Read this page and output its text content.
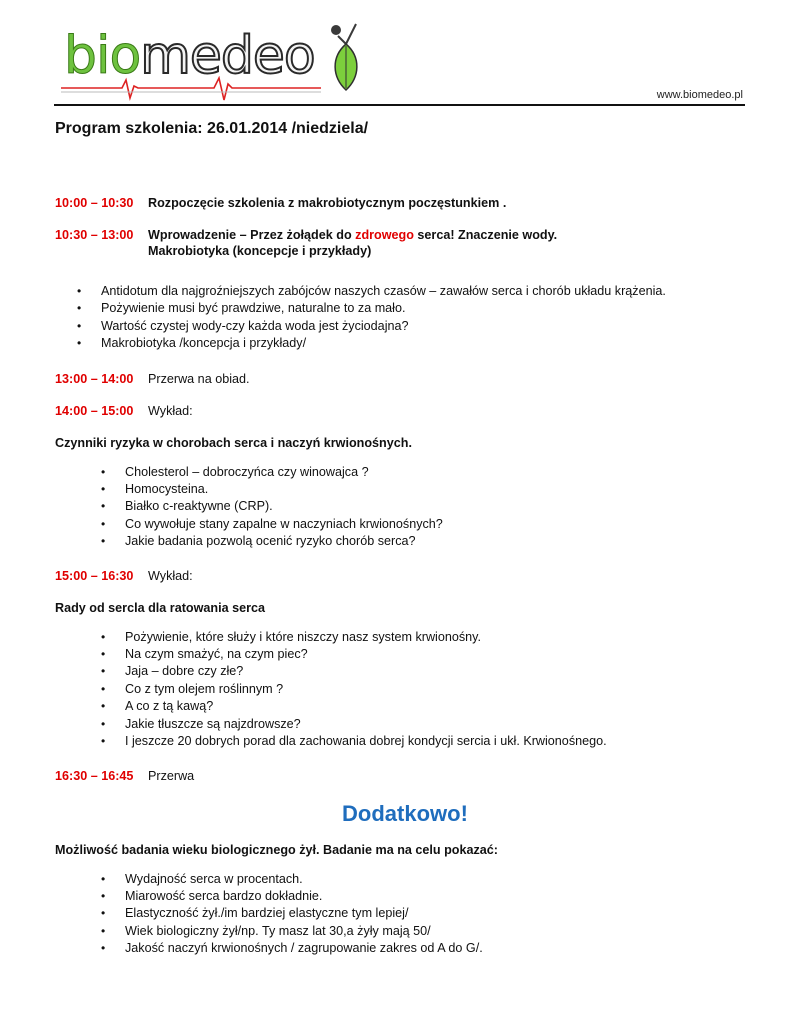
biomedeo
www.biomedeo.pl
Program szkolenia: 26.01.2014 /niedziela/
10:00 – 10:30	Rozpoczęcie szkolenia z makrobiotycznym poczęstunkiem .
10:30 – 13:00	Wprowadzenie – Przez żołądek do zdrowego serca! Znaczenie wody.
Makrobiotyka (koncepcje i przykłady)
• Antidotum dla najgroźniejszych zabójców naszych czasów – zawałów serca i chorób układu krążenia.
• Pożywienie musi być prawdziwe, naturalne to za mało.
• Wartość czystej wody-czy każda woda jest życiodajna?
• Makrobiotyka /koncepcja i przykłady/
13:00 – 14:00	Przerwa na obiad.
14:00 – 15:00	Wykład:
Czynniki ryzyka w chorobach serca i naczyń krwionośnych.
• Cholesterol – dobroczyńca czy winowajca ?
• Homocysteina.
• Białko c-reaktywne (CRP).
• Co wywołuje stany zapalne w naczyniach krwionośnych?
• Jakie badania pozwolą ocenić ryzyko chorób serca?
15:00 – 16:30	Wykład:
Rady od sercla dla ratowania serca
• Pożywienie, które służy i które niszczy nasz system krwionośny.
• Na czym smażyć, na czym piec?
• Jaja – dobre czy złe?
• Co z tym olejem roślinnym ?
• A co z tą kawą?
• Jakie tłuszcze są najzdrowsze?
• I jeszcze 20 dobrych porad dla zachowania dobrej kondycji sercia i ukł. Krwionośnego.
16:30 – 16:45	Przerwa
Dodatkowo!
Możliwość badania wieku biologicznego żył. Badanie ma na celu pokazać:
• Wydajność serca w procentach.
• Miarowość serca bardzo dokładnie.
• Elastyczność żył./im bardziej elastyczne tym lepiej/
• Wiek biologiczny żył/np. Ty masz lat 30,a żyły mają 50/
• Jakość naczyń krwionośnych / zagrupowanie zakres od A do G/.
